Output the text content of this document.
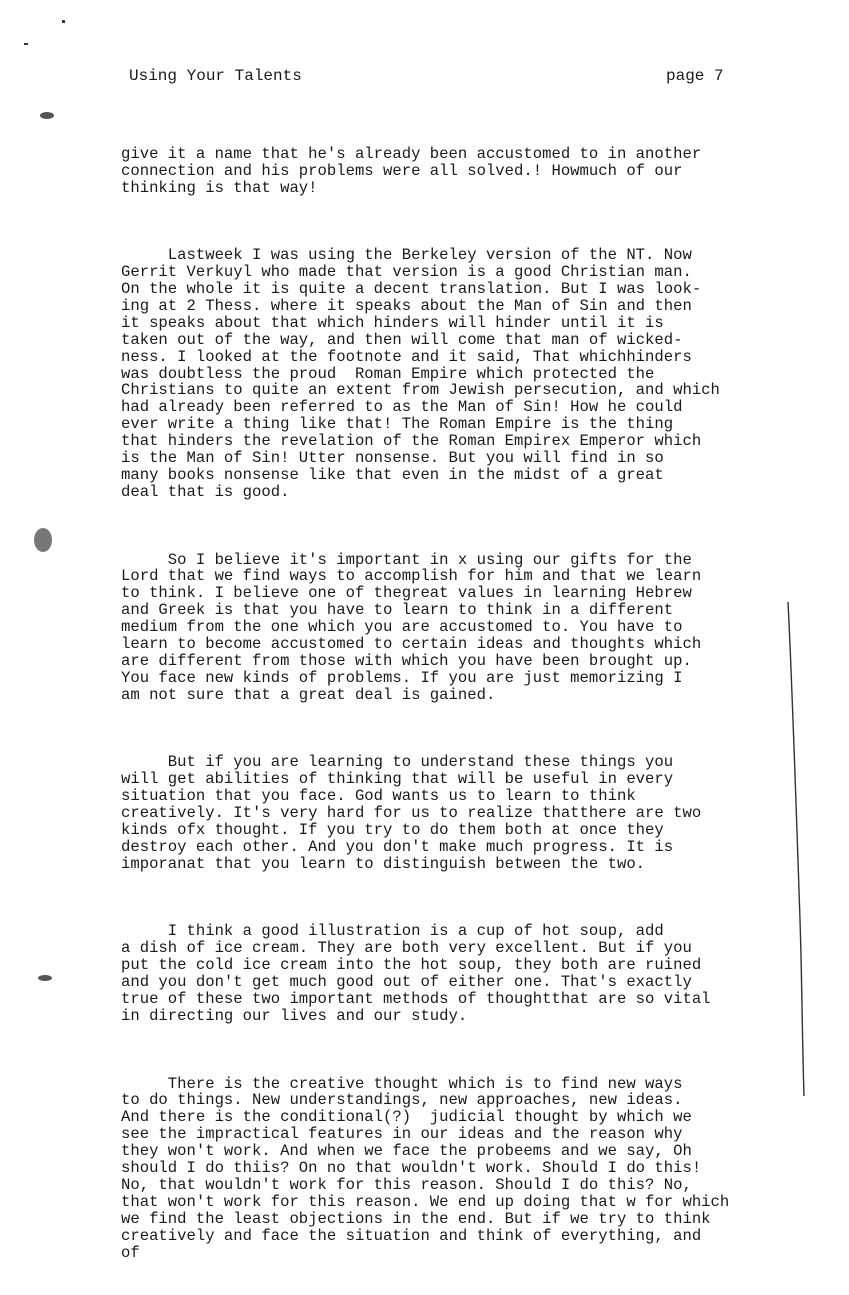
Using Your Talents	page 7

give it a name that he's already been accustomed to in another
connection and his problems were all solved.! Howmuch of our
thinking is that way!

Lastweek I was using the Berkeley version of the NT. Now
Gerrit Verkuyl who made that version is a good Christian man.
On the whole it is quite a decent translation. But I was look-
ing at 2 Thess. where it speaks about the Man of Sin and then
it speaks about that which hinders will hinder until it is
taken out of the way, and then will come that man of wicked-
ness. I looked at the footnote and it said, That whichhinders
was doubtless the proud  Roman Empire which protected the
Christians to quite an extent from Jewish persecution, and which
had already been referred to as the Man of Sin! How he could
ever write a thing like that! The Roman Empire is the thing
that hinders the revelation of the Roman Empirex Emperor which
is the Man of Sin! Utter nonsense. But you will find in so
many books nonsense like that even in the midst of a great
deal that is good.

So I believe it's important in x using our gifts for the
Lord that we find ways to accomplish for him and that we learn
to think. I believe one of thegreat values in learning Hebrew
and Greek is that you have to learn to think in a different
medium from the one which you are accustomed to. You have to
learn to become accustomed to certain ideas and thoughts which
are different from those with which you have been brought up.
You face new kinds of problems. If you are just memorizing I
am not sure that a great deal is gained.

But if you are learning to understand these things you
will get abilities of thinking that will be useful in every
situation that you face. God wants us to learn to think
creatively. It's very hard for us to realize thatthere are two
kinds ofx thought. If you try to do them both at once they
destroy each other. And you don't make much progress. It is
imporanat that you learn to distinguish between the two.

I think a good illustration is a cup of hot soup, add
a dish of ice cream. They are both very excellent. But if you
put the cold ice cream into the hot soup, they both are ruined
and you don't get much good out of either one. That's exactly
true of these two important methods of thoughtthat are so vital
in directing our lives and our study.

There is the creative thought which is to find new ways
to do things. New understandings, new approaches, new ideas.
And there is the conditional(?)  judicial thought by which we
see the impractical features in our ideas and the reason why
they won't work. And when we face the probeems and we say, Oh
should I do thiis? On no that wouldn't work. Should I do this!
No, that wouldn't work for this reason. Should I do this? No,
that won't work for this reason. We end up doing that w for which
we find the least objections in the end. But if we try to think
creatively and face the situation and think of everything, and
of
